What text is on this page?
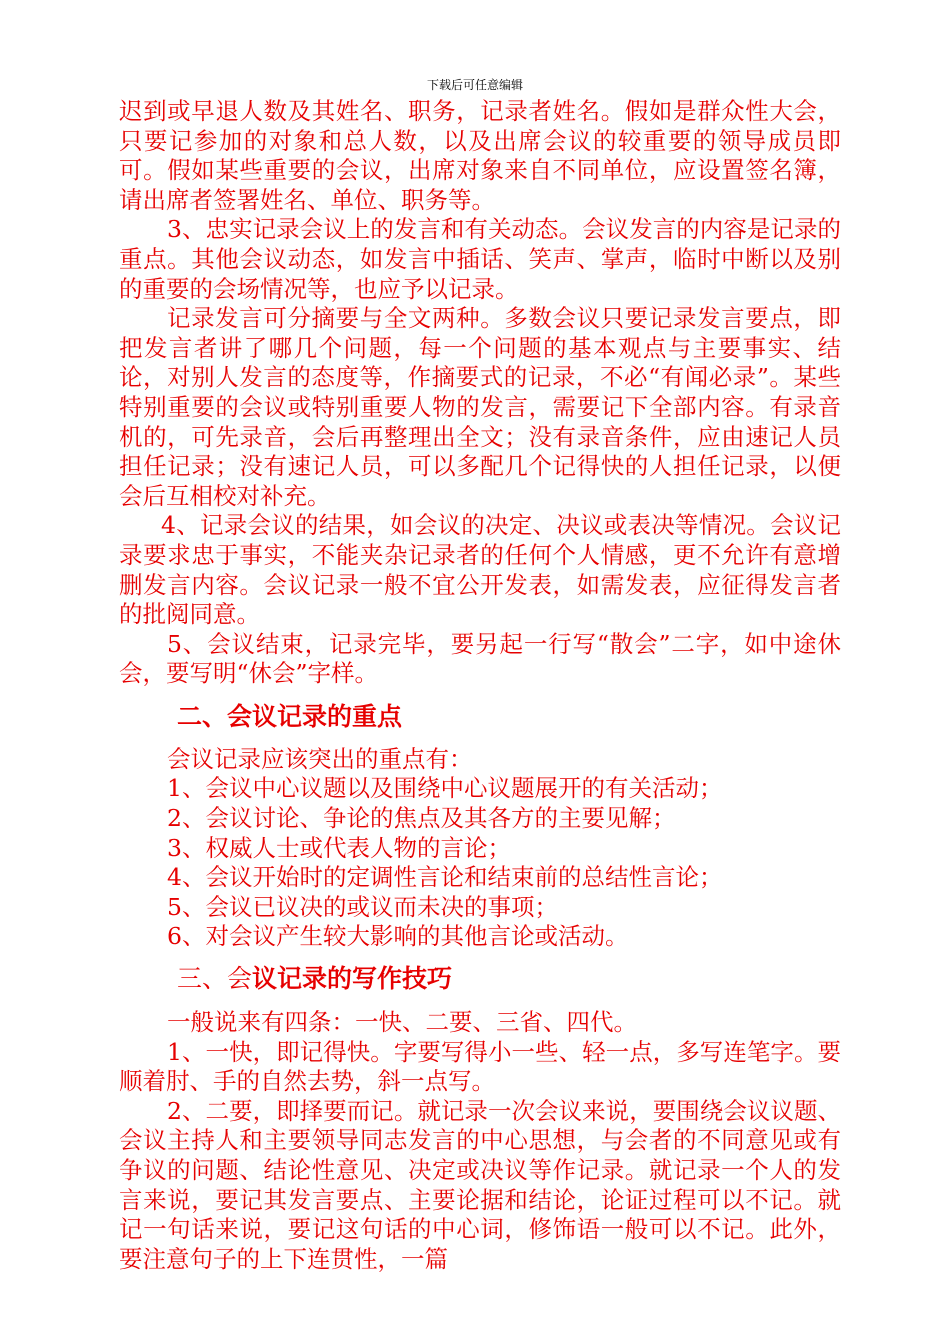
下载后可任意编辑

迟到或早退人数及其姓名、职务，记录者姓名。假如是群众性大会，只要记参加的对象和总人数，以及出席会议的较重要的领导成员即可。假如某些重要的会议，出席对象来自不同单位，应设置签名簿，请出席者签署姓名、单位、职务等。

3、忠实记录会议上的发言和有关动态。会议发言的内容是记录的重点。其他会议动态，如发言中插话、笑声、掌声，临时中断以及别的重要的会场情况等，也应予以记录。

记录发言可分摘要与全文两种。多数会议只要记录发言要点，即把发言者讲了哪几个问题，每一个问题的基本观点与主要事实、结论，对别人发言的态度等，作摘要式的记录，不必“有闻必录”。某些特别重要的会议或特别重要人物的发言，需要记下全部内容。有录音机的，可先录音，会后再整理出全文；没有录音条件，应由速记人员担任记录；没有速记人员，可以多配几个记得快的人担任记录，以便会后互相校对补充。

4、记录会议的结果，如会议的决定、决议或表决等情况。会议记录要求忠于事实，不能夹杂记录者的任何个人情感，更不允许有意增删发言内容。会议记录一般不宜公开发表，如需发表，应征得发言者的批阅同意。

5、会议结束，记录完毕，要另起一行写“散会”二字，如中途休会，要写明“休会”字样。

二、会议记录的重点

会议记录应该突出的重点有：

1、会议中心议题以及围绕中心议题展开的有关活动；

2、会议讨论、争论的焦点及其各方的主要见解；

3、权威人士或代表人物的言论；

4、会议开始时的定调性言论和结束前的总结性言论；

5、会议已议决的或议而未决的事项；

6、对会议产生较大影响的其他言论或活动。

三、会议记录的写作技巧

一般说来有四条：一快、二要、三省、四代。

1、一快，即记得快。字要写得小一些、轻一点，多写连笔字。要顺着肘、手的自然去势，斜一点写。

2、二要，即择要而记。就记录一次会议来说，要围绕会议议题、会议主持人和主要领导同志发言的中心思想，与会者的不同意见或有争议的问题、结论性意见、决定或决议等作记录。就记录一个人的发言来说，要记其发言要点、主要论据和结论，论证过程可以不记。就记一句话来说，要记这句话的中心词，修饰语一般可以不记。此外，要注意句子的上下连贯性，一篇
